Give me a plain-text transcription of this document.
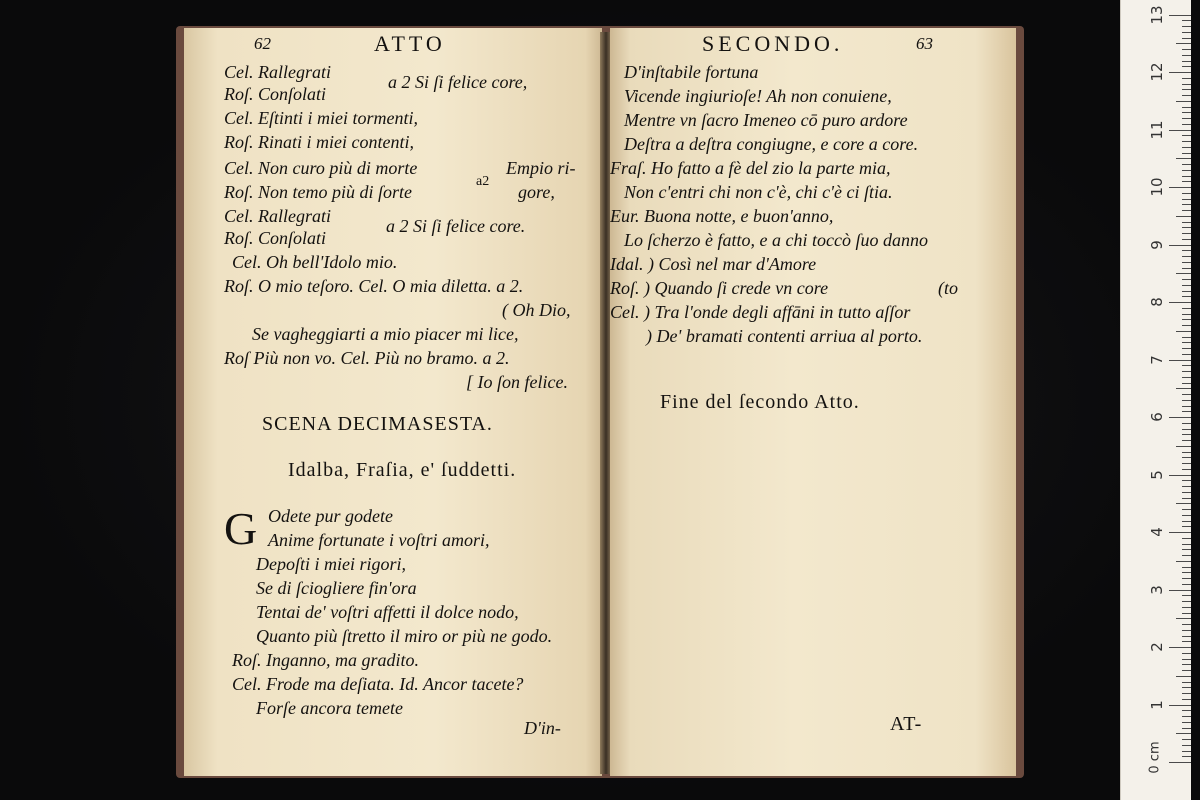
62	ATTO
Cel. Rallegrati	a 2 Si ſi felice core,
Roſ. Conſolati
Cel. Eſtinti i miei tormenti,
Roſ. Rinati i miei contenti,
Cel. Non curo più di morte	Empio ri-
a2
Roſ. Non temo più di ſorte	gore,
Cel. Rallegrati	a 2 Si ſi felice core.
Roſ. Conſolati
Cel. Oh bell'Idolo mio.
Roſ. O mio teſoro. Cel. O mia diletta. a 2.
( Oh Dio,
Se vagheggiarti a mio piacer mi lice,
Roſ Più non vo. Cel. Più no bramo. a 2.
[ Io ſon felice.
SCENA DECIMASESTA.
Idalba, Fraſia, e' ſuddetti.
G Odete pur godete
Anime fortunate i voſtri amori,
Depoſti i miei rigori,
Se di ſciogliere fin'ora
Tentai de' voſtri affetti il dolce nodo,
Quanto più ſtretto il miro or più ne godo.
Roſ. Inganno, ma gradito.
Cel. Frode ma deſiata. Id. Ancor tacete?
Forſe ancora temete
D'in-
SECONDO.	63
D'inſtabile fortuna
Vicende ingiurioſe! Ah non conuiene,
Mentre vn ſacro Imeneo cō puro ardore
Deſtra a deſtra congiugne, e core a core.
Fraſ. Ho fatto a fè del zio la parte mia,
Non c'entri chi non c'è, chi c'è ci ſtia.
Eur. Buona notte, e buon'anno,
Lo ſcherzo è fatto, e a chi toccò ſuo danno
Idal. ) Così nel mar d'Amore
Roſ. ) Quando ſi crede vn core	(to
Cel. ) Tra l'onde degli affāni in tutto aſſor
) De' bramati contenti arriua al porto.
Fine del ſecondo Atto.
AT-
0 cm
1
2
3
4
5
6
7
8
9
10
11
12
13
